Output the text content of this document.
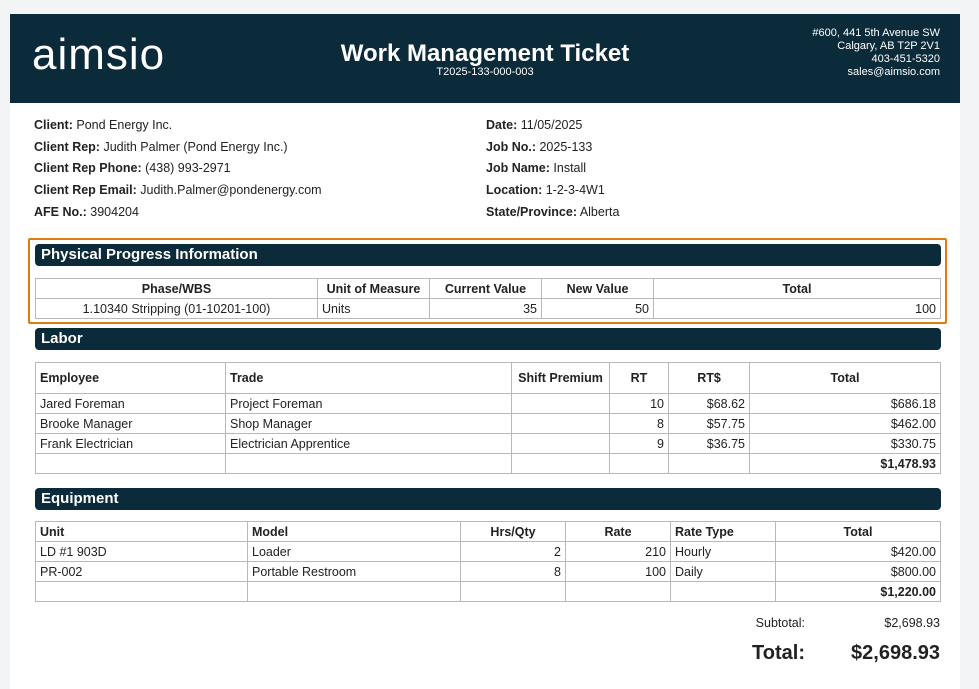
aimsio	Work Management Ticket
T2025-133-000-003
#600, 441 5th Avenue SW
Calgary, AB T2P 2V1
403-451-5320
sales@aimsio.com
Client: Pond Energy Inc.
Client Rep: Judith Palmer (Pond Energy Inc.)
Client Rep Phone: (438) 993-2971
Client Rep Email: Judith.Palmer@pondenergy.com
AFE No.: 3904204
Date: 11/05/2025
Job No.: 2025-133
Job Name: Install
Location: 1-2-3-4W1
State/Province: Alberta
Physical Progress Information
Phase/WBS	Unit of Measure	Current Value	New Value	Total
1.10340 Stripping (01-10201-100)	Units	35	50	100
Labor
Employee	Trade	Shift Premium	RT	RT$	Total
Jared Foreman	Project Foreman		10	$68.62	$686.18
Brooke Manager	Shop Manager		8	$57.75	$462.00
Frank Electrician	Electrician Apprentice		9	$36.75	$330.75
					$1,478.93
Equipment
Unit	Model	Hrs/Qty	Rate	Rate Type	Total
LD #1 903D	Loader	2	210	Hourly	$420.00
PR-002	Portable Restroom	8	100	Daily	$800.00
					$1,220.00
Subtotal:	$2,698.93
Total: $2,698.93
